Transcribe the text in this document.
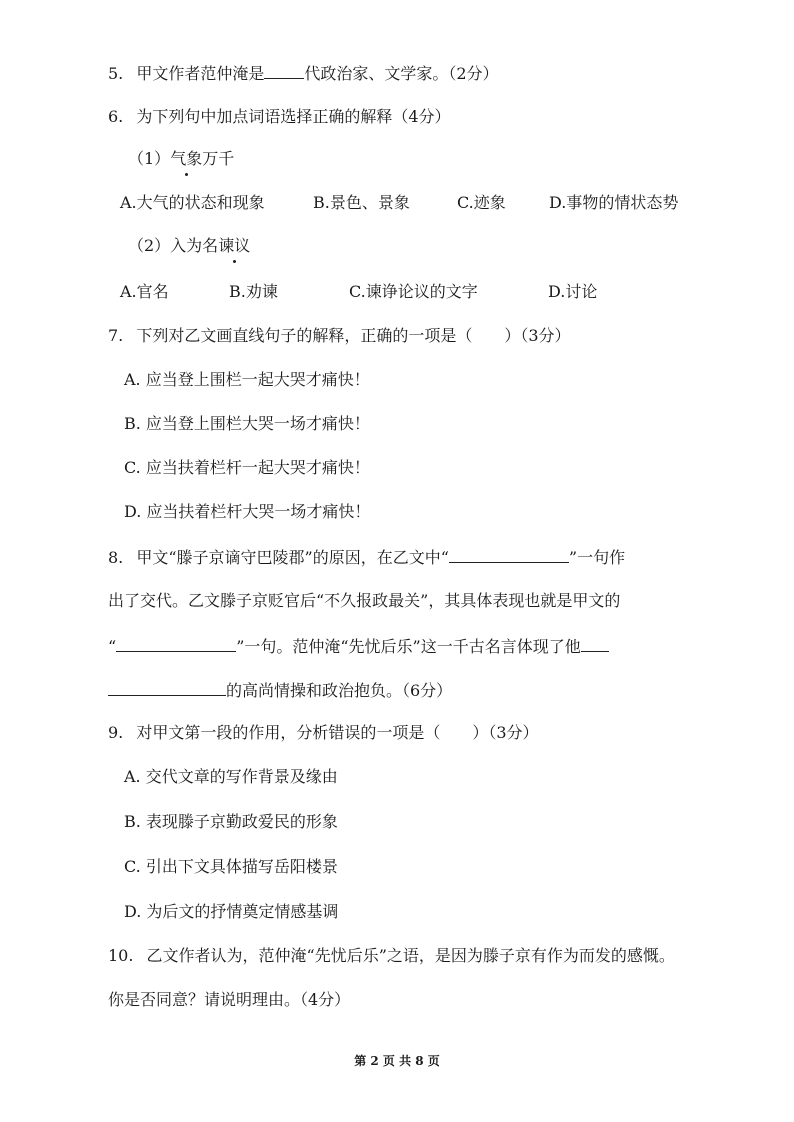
5. 甲文作者范仲淹是	代政治家、文学家。（2分）
6. 为下列句中加点词语选择正确的解释（4分）
（1）气象万千
A.大气的状态和现象	B.景色、景象	C.迹象	D.事物的情状态势
（2）入为名谏议
A.官名	B.劝谏	C.谏诤论议的文字	D.讨论
7. 下列对乙文画直线句子的解释，正确的一项是（　　）（3分）
A. 应当登上围栏一起大哭才痛快！
B. 应当登上围栏大哭一场才痛快！
C. 应当扶着栏杆一起大哭才痛快！
D. 应当扶着栏杆大哭一场才痛快！
8. 甲文“滕子京谪守巴陵郡”的原因，在乙文中“	”一句作
出了交代。乙文滕子京贬官后“不久报政最关”，其具体表现也就是甲文的
“	”一句。范仲淹“先忧后乐”这一千古名言体现了他
的高尚情操和政治抱负。（6分）
9. 对甲文第一段的作用，分析错误的一项是（　　）（3分）
A. 交代文章的写作背景及缘由
B. 表现滕子京勤政爱民的形象
C. 引出下文具体描写岳阳楼景
D. 为后文的抒情奠定情感基调
10. 乙文作者认为，范仲淹“先忧后乐”之语，是因为滕子京有作为而发的感慨。
你是否同意？请说明理由。（4分）
第 2 页 共 8 页
